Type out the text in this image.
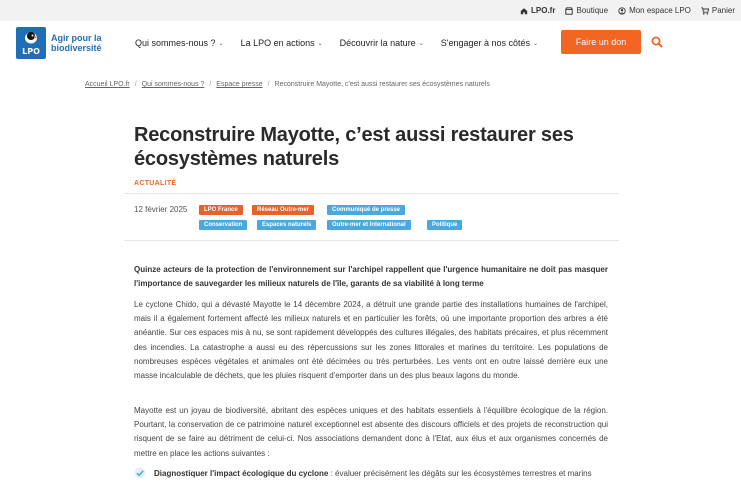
LPO.fr	Boutique	Mon espace LPO	Panier
LPO
Agir pour la biodiversité	Qui sommes-nous ? ⌄ La LPO en actions ⌄ Découvrir la nature ⌄ S'engager à nos côtés ⌄	Faire un don
Accueil LPO.fr / Qui sommes-nous ? / Espace presse / Reconstruire Mayotte, c'est aussi restaurer ses écosystèmes naturels
Reconstruire Mayotte, c’est aussi restaurer ses écosystèmes naturels
ACTUALITÉ
12 février 2025	LPO France	Réseau Outre-mer	Communiqué de presse
Conservation	Espaces naturels	Outre-mer et International	Politique

Quinze acteurs de la protection de l'environnement sur l'archipel rappellent que l'urgence humanitaire ne doit pas masquer l'importance de sauvegarder les milieux naturels de l'île, garants de sa viabilité à long terme

Le cyclone Chido, qui a dévasté Mayotte le 14 décembre 2024, a détruit une grande partie des installations humaines de l'archipel, mais il a également fortement affecté les milieux naturels et en particulier les forêts, où une importante proportion des arbres a été anéantie. Sur ces espaces mis à nu, se sont rapidement développés des cultures illégales, des habitats précaires, et plus récemment des incendies. La catastrophe a aussi eu des répercussions sur les zones littorales et marines du territoire. Les populations de nombreuses espèces végétales et animales ont été décimées ou très perturbées. Les vents ont en outre laissé derrière eux une masse incalculable de déchets, que les pluies risquent d'emporter dans un des plus beaux lagons du monde.

Mayotte est un joyau de biodiversité, abritant des espèces uniques et des habitats essentiels à l'équilibre écologique de la région. Pourtant, la conservation de ce patrimoine naturel exceptionnel est absente des discours officiels et des projets de reconstruction qui risquent de se faire au détriment de celui-ci. Nos associations demandent donc à l'Etat, aux élus et aux organismes concernés de mettre en place les actions suivantes :

Diagnostiquer l'impact écologique du cyclone : évaluer précisément les dégâts sur les écosystèmes terrestres et marins
